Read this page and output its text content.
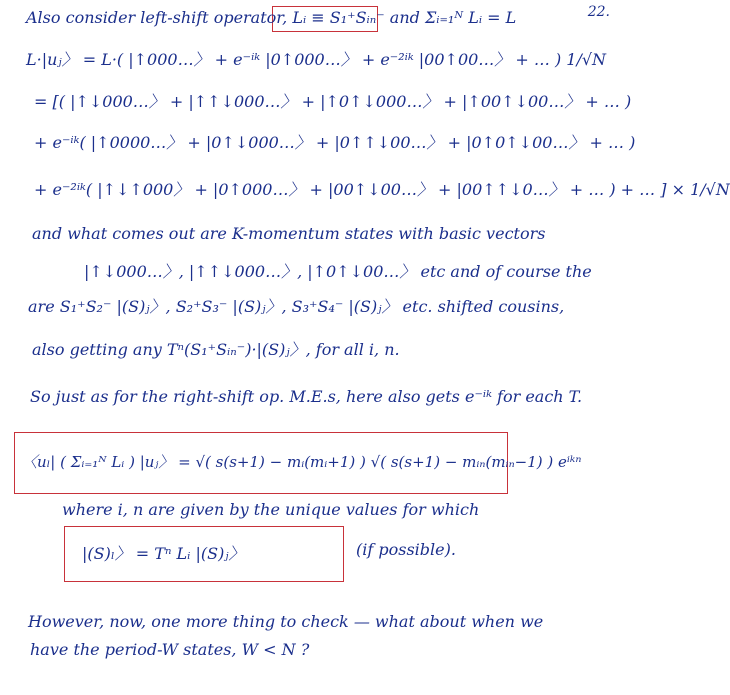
22.
Also consider left-shift operator, Lᵢ ≡ S₁⁺Sᵢₙ⁻ and Σᵢ₌₁ᴺ Lᵢ = L
L·|uⱼ〉 = L·( |↑000…〉 + e⁻ⁱᵏ |0↑000…〉 + e⁻²ⁱᵏ |00↑00…〉 + … ) 1/√N
= [( |↑↓000…〉 + |↑↑↓000…〉 + |↑0↑↓000…〉 + |↑00↑↓00…〉 + … )
+ e⁻ⁱᵏ( |↑0000…〉 + |0↑↓000…〉 + |0↑↑↓00…〉 + |0↑0↑↓00…〉 + … )
+ e⁻²ⁱᵏ( |↑↓↑000〉 + |0↑000…〉 + |00↑↓00…〉 + |00↑↑↓0…〉 + … ) + … ] × 1/√N
and what comes out are K-momentum states with basic vectors
|↑↓000…〉, |↑↑↓000…〉, |↑0↑↓00…〉 etc and of course the
are S₁⁺S₂⁻ |(S)ⱼ〉, S₂⁺S₃⁻ |(S)ⱼ〉, S₃⁺S₄⁻ |(S)ⱼ〉 etc. shifted cousins,
also getting any Tⁿ(S₁⁺Sᵢₙ⁻)·|(S)ⱼ〉, for all i, n.
So just as for the right-shift op. M.E.s, here also gets e⁻ⁱᵏ for each T.
〈uₗ| ( Σᵢ₌₁ᴺ Lᵢ ) |uⱼ〉 = √( s(s+1) − mᵢ(mᵢ+1) ) √( s(s+1) − mᵢₙ(mᵢₙ−1) ) eⁱᵏⁿ
where i, n are given by the unique values for which
|(S)ₗ〉 = Tⁿ Lᵢ |(S)ⱼ〉	(if possible).
However, now, one more thing to check — what about when we
have the period-W states, W < N ?
